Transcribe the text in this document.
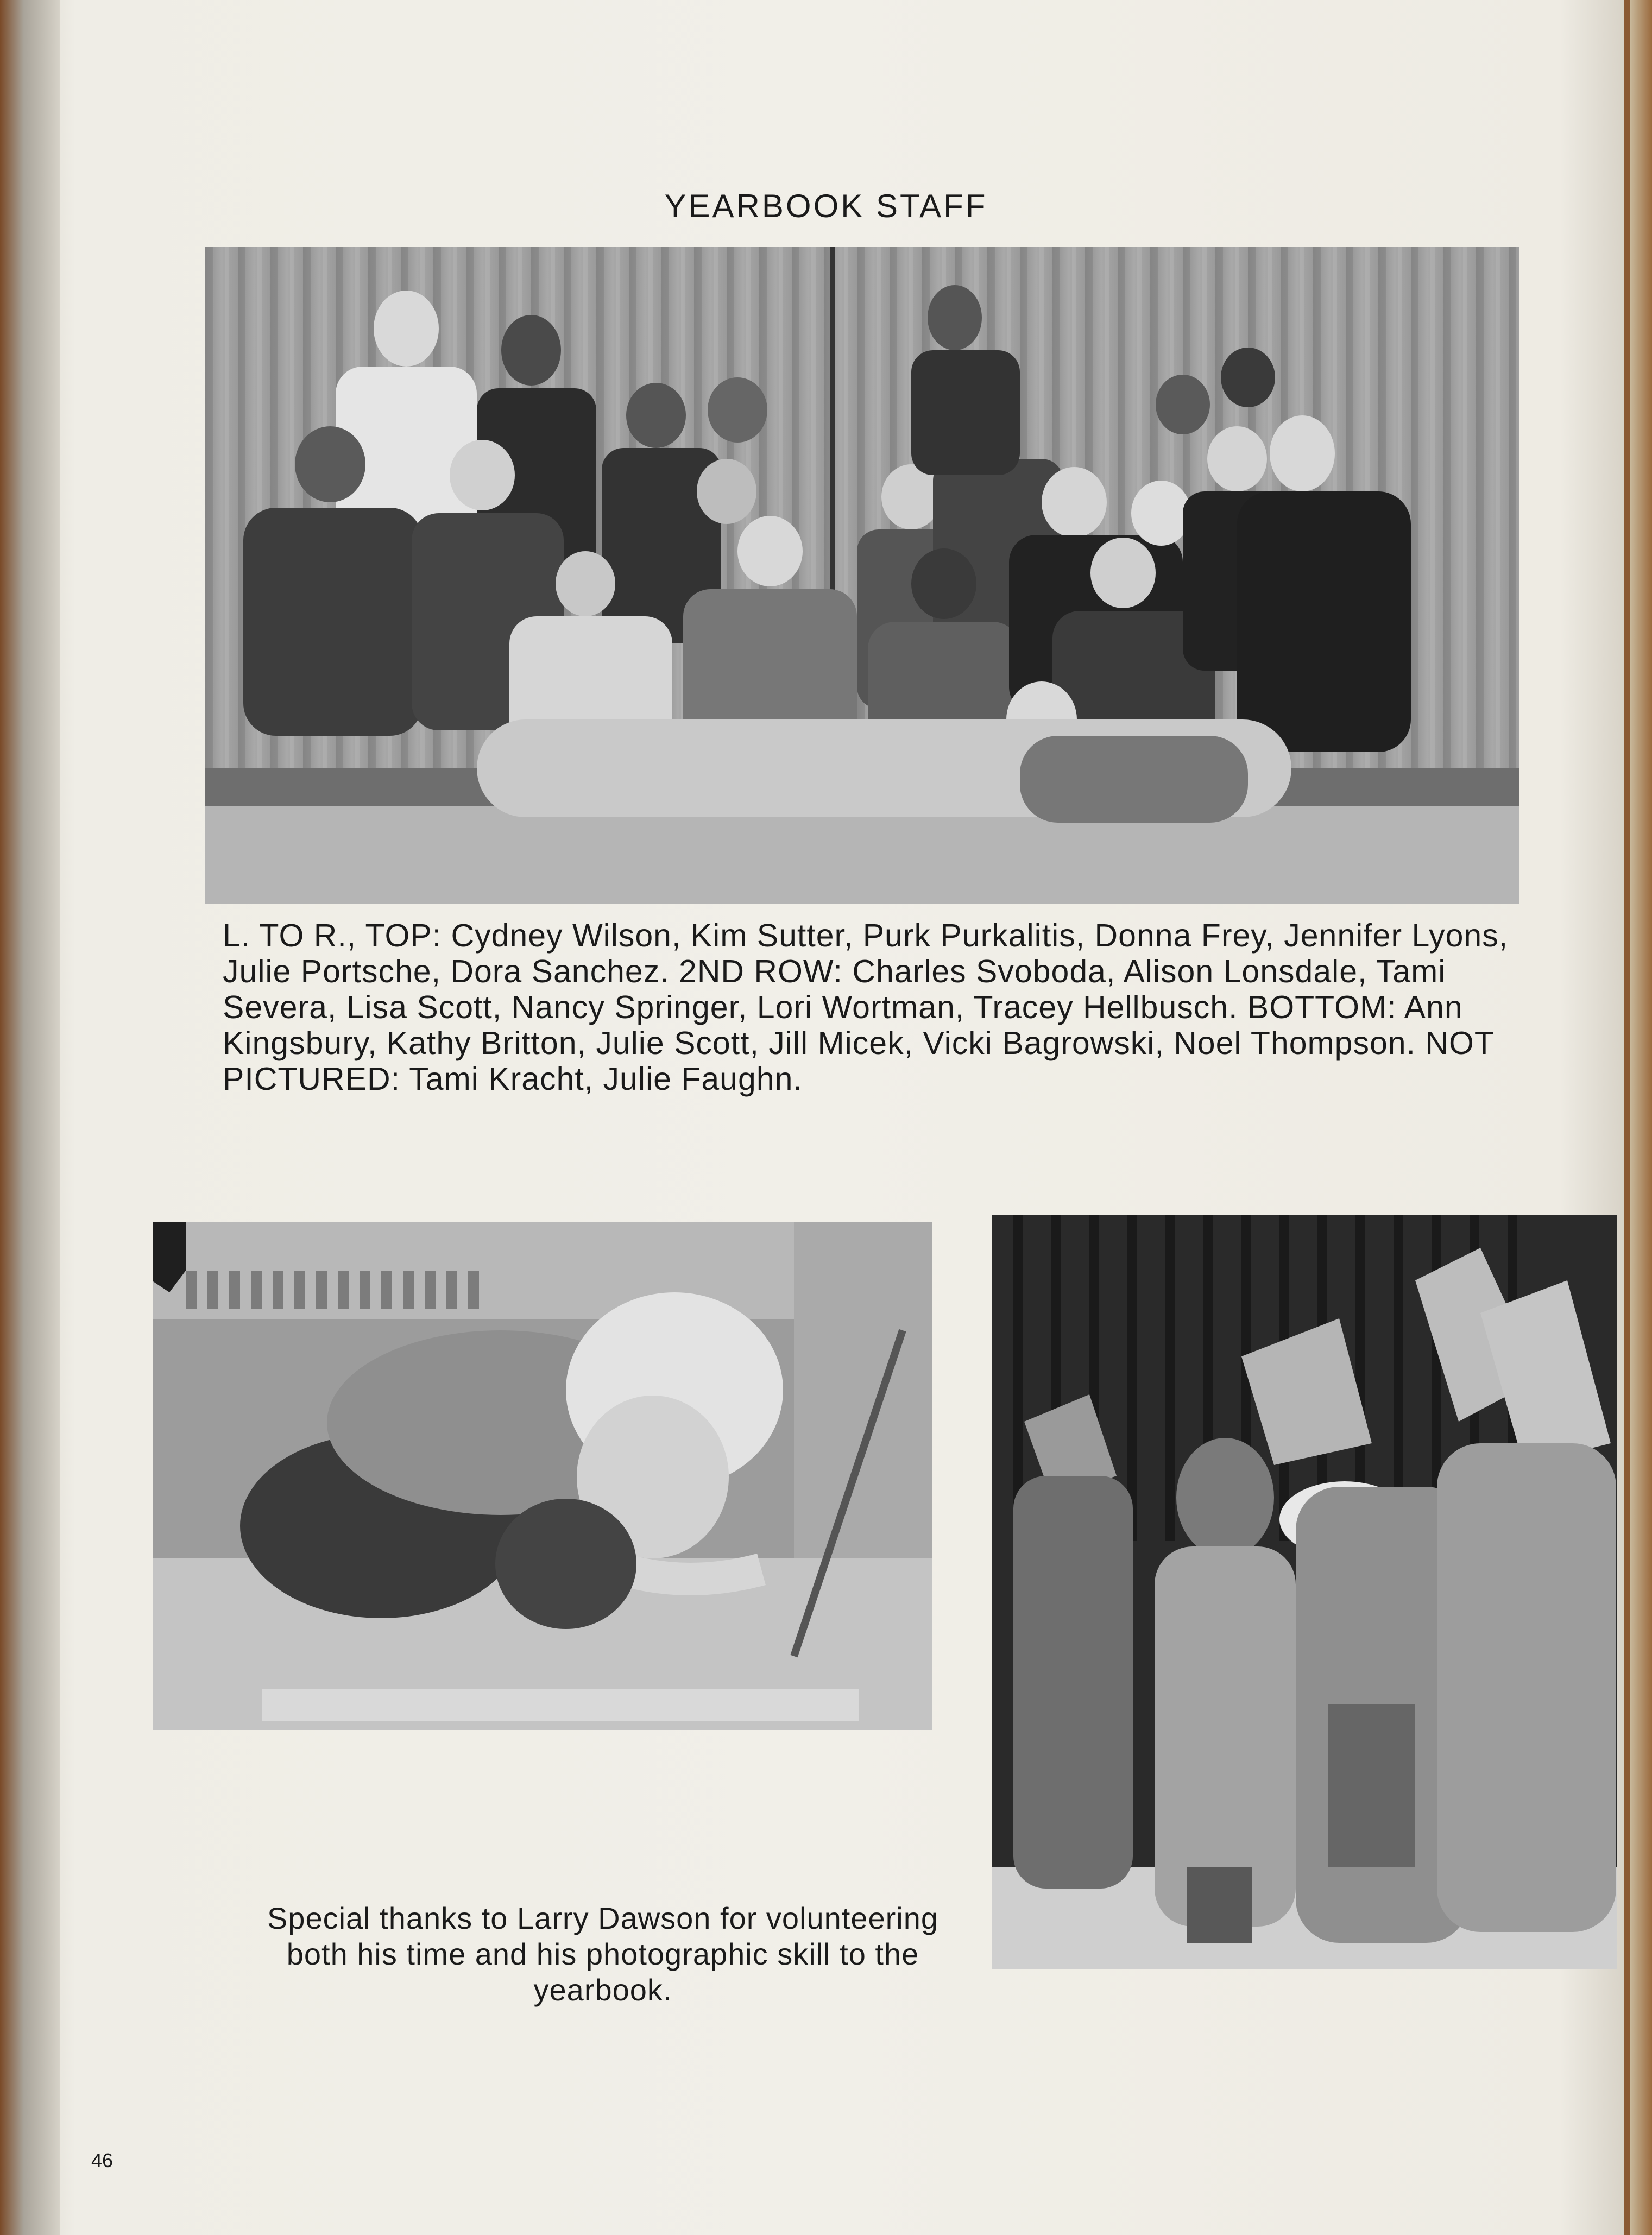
YEARBOOK STAFF
L. TO R., TOP: Cydney Wilson, Kim Sutter, Purk Purkalitis, Donna Frey, Jennifer Lyons, Julie Portsche, Dora Sanchez. 2ND ROW: Charles Svoboda, Alison Lonsdale, Tami Severa, Lisa Scott, Nancy Springer, Lori Wortman, Tracey Hellbusch. BOTTOM: Ann Kingsbury, Kathy Britton, Julie Scott, Jill Micek, Vicki Bagrowski, Noel Thompson. NOT PICTURED: Tami Kracht, Julie Faughn.
Special thanks to Larry Dawson for volunteering both his time and his photographic skill to the yearbook.
46
